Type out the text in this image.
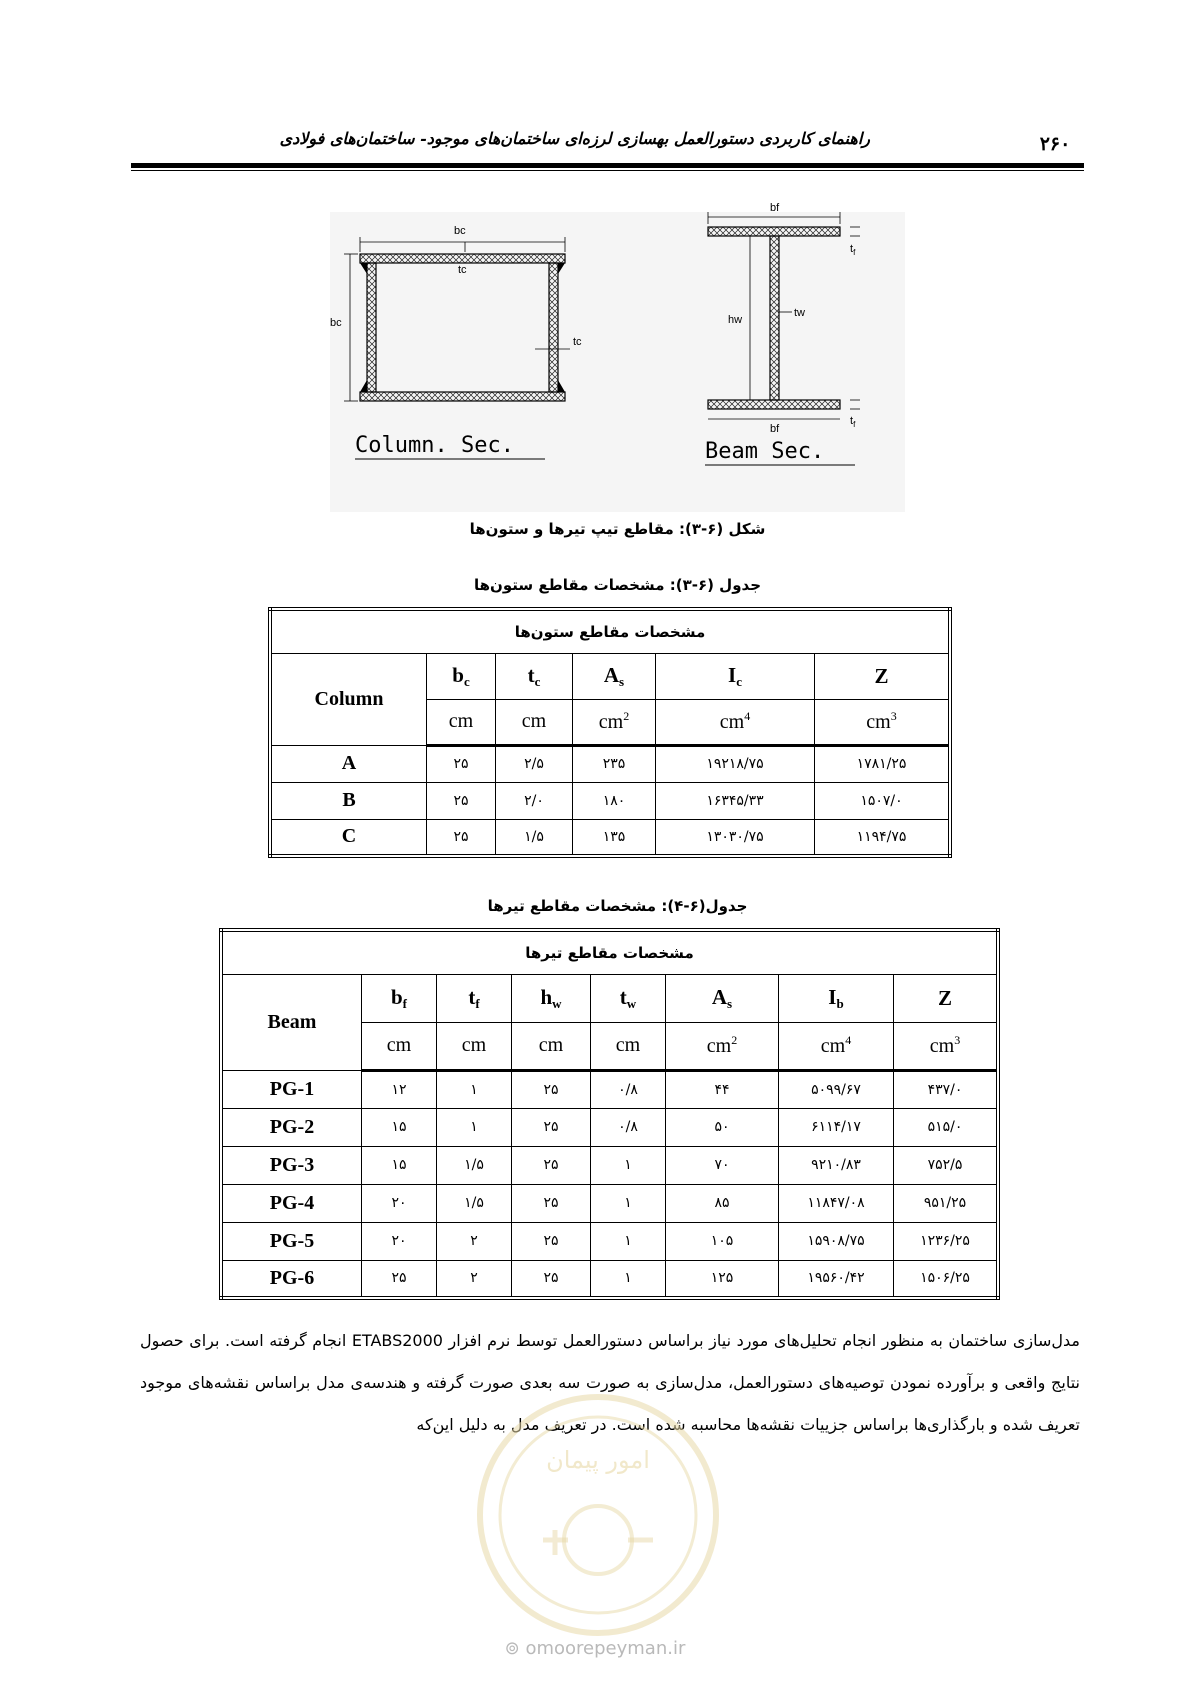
۲۶۰
راهنمای کاربردی دستورالعمل بهسازی لرزه‌ای ساختمان‌های موجود- ساختمان‌های فولادی
bc
bc
tc
tc
Column. Sec.
bf
bf
hw
tw
$t_f$
$t_f$
Beam Sec.
شکل (۶-۳): مقاطع تیپ تیرها و ستون‌ها
جدول (۶-۳): مشخصات مقاطع ستون‌ها
مشخصات مقاطع ستون‌ها					
Column	$b_c$	$t_c$	$A_s$	$I_c$	Z
	cm	cm	$cm^2$	$cm^4$	$cm^3$
A	۲۵	۲/۵	۲۳۵	۱۹۲۱۸/۷۵	۱۷۸۱/۲۵
B	۲۵	۲/۰	۱۸۰	۱۶۳۴۵/۳۳	۱۵۰۷/۰
C	۲۵	۱/۵	۱۳۵	۱۳۰۳۰/۷۵	۱۱۹۴/۷۵
جدول(۶-۴): مشخصات مقاطع تیرها
مشخصات مقاطع تیرها							
Beam	$b_f$	$t_f$	$h_w$	$t_w$	$A_s$	$I_b$	Z
	cm	cm	cm	cm	$cm^2$	$cm^4$	$cm^3$
PG-1	۱۲	۱	۲۵	۰/۸	۴۴	۵۰۹۹/۶۷	۴۳۷/۰
PG-2	۱۵	۱	۲۵	۰/۸	۵۰	۶۱۱۴/۱۷	۵۱۵/۰
PG-3	۱۵	۱/۵	۲۵	۱	۷۰	۹۲۱۰/۸۳	۷۵۲/۵
PG-4	۲۰	۱/۵	۲۵	۱	۸۵	۱۱۸۴۷/۰۸	۹۵۱/۲۵
PG-5	۲۰	۲	۲۵	۱	۱۰۵	۱۵۹۰۸/۷۵	۱۲۳۶/۲۵
PG-6	۲۵	۲	۲۵	۱	۱۲۵	۱۹۵۶۰/۴۲	۱۵۰۶/۲۵

مدل‌سازی ساختمان به منظور انجام تحلیل‌های مورد نیاز براساس دستورالعمل توسط نرم افزار ETABS2000 انجام گرفته است. برای حصول نتایج واقعی و برآورده نمودن توصیه‌های دستورالعمل، مدل‌سازی به صورت سه بعدی صورت گرفته و هندسه‌ی مدل براساس نقشه‌های موجود تعریف شده و بارگذاری‌ها براساس جزییات نقشه‌ها محاسبه شده است. در تعریف مدل به دلیل این‌که

امور پیمان
⊚ omoorepeyman.ir
